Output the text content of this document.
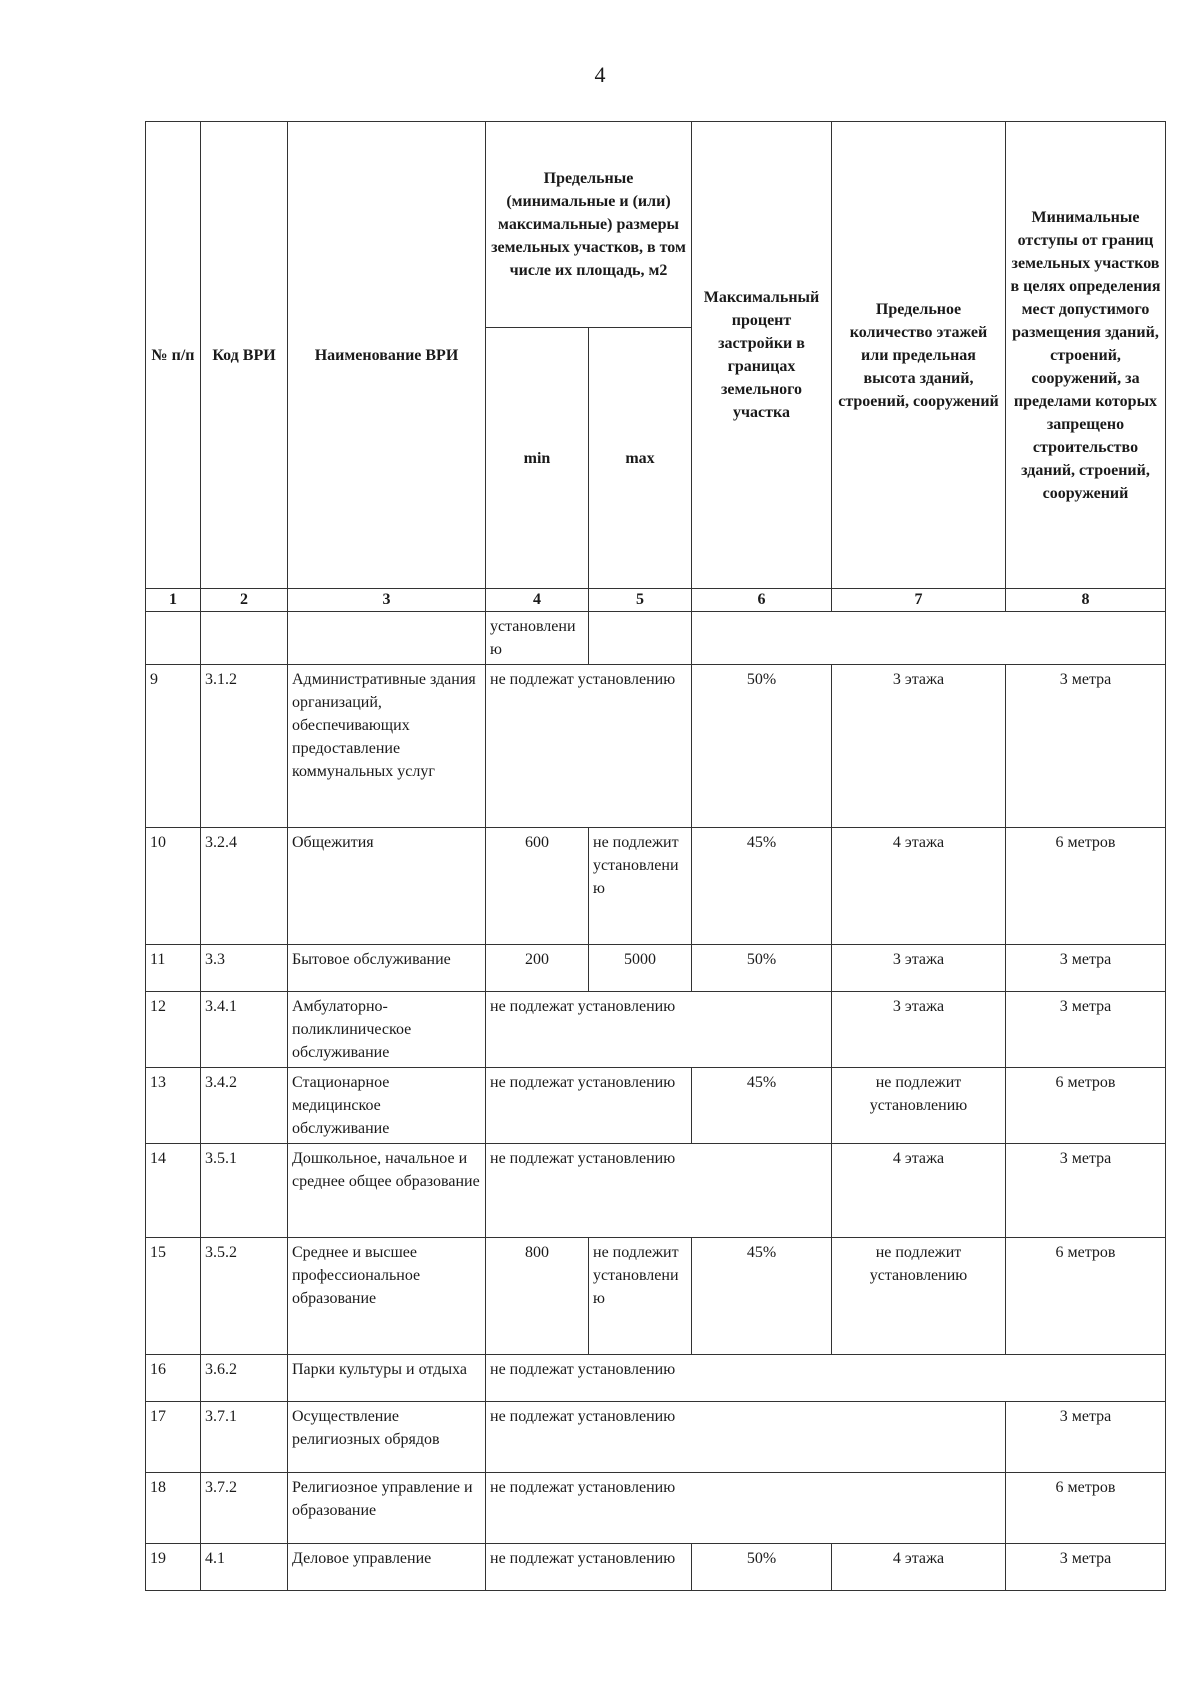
4
№ п/п	Код ВРИ	Наименование ВРИ	Предельные (минимальные и (или) максимальные) размеры земельных участков, в том числе их площадь, м2		Максимальный процент застройки в границах земельного участка	Предельное количество этажей или предельная высота зданий, строений, сооружений	Минимальные отступы от границ земельных участков в целях определения мест допустимого размещения зданий, строений, сооружений, за пределами которых запрещено строительство зданий, строений, сооружений
			min	max			
1	2	3	4	5	6	7	8
			установлению				
9	3.1.2	Административные здания организаций, обеспечивающих предоставление коммунальных услуг	не подлежат установлению		50%	3 этажа	3 метра
10	3.2.4	Общежития	600	не подлежит установлению	45%	4 этажа	6 метров
11	3.3	Бытовое обслуживание	200	5000	50%	3 этажа	3 метра
12	3.4.1	Амбулаторно-поликлиническое обслуживание	не подлежат установлению			3 этажа	3 метра
13	3.4.2	Стационарное медицинское обслуживание	не подлежат установлению		45%	не подлежит установлению	6 метров
14	3.5.1	Дошкольное, начальное и среднее общее образование	не подлежат установлению			4 этажа	3 метра
15	3.5.2	Среднее и высшее профессиональное образование	800	не подлежит установлению	45%	не подлежит установлению	6 метров
16	3.6.2	Парки культуры и отдыха	не подлежат установлению				
17	3.7.1	Осуществление религиозных обрядов	не подлежат установлению				3 метра
18	3.7.2	Религиозное управление и образование	не подлежат установлению				6 метров
19	4.1	Деловое управление	не подлежат установлению		50%	4 этажа	3 метра
